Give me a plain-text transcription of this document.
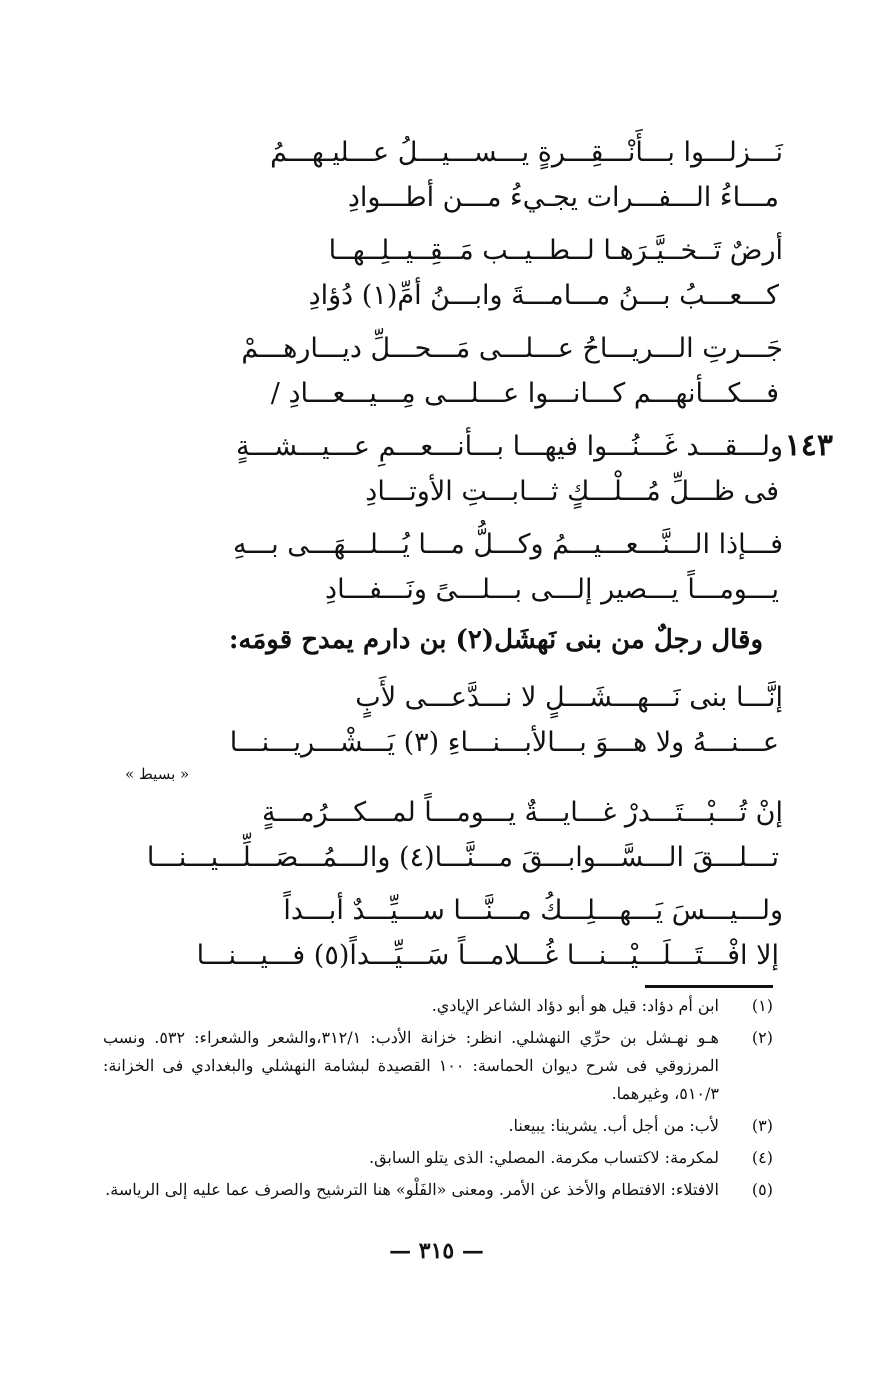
نَـــزلـــوا بـــأَنْـــقِـــرةٍ يـــســـيـــلُ عـــليـهـــمُ
مـــاءُ الـــفـــرات يجـيءُ مـــن أطـــوادِ
أرضٌ تَــخــيَّـرَهـا لــطــيــب مَــقِــيــلِــهــا
كـــعـــبُ بـــنُ مـــامـــةَ وابـــنُ أمِّ(١) دُؤادِ
جَـــرتِ الـــريـــاحُ عـــلـــى مَـــحـــلِّ ديـــارهـــمْ
فـــكـــأنهـــم كـــانـــوا عـــلـــى مِـــيـــعـــادِ /
١٤٣
ولـــقـــد غَـــنُـــوا فيهـــا بـــأنـــعـــمِ عـــيـــشـــةٍ
فى ظـــلِّ مُـــلْـــكٍ ثـــابـــتِ الأوتـــادِ
فـــإذا الـــنَّـــعـــيـــمُ وكـــلُّ مـــا يُـــلـــهَـــى بـــهِ
يـــومـــاً يـــصير إلـــى بـــلـــىً ونَـــفـــادِ
وقال رجلٌ من بنى نَهشَل(٢) بن دارم يمدح قومَه:
إنَّـــا بنى نَـــهـــشَـــلٍ لا نـــدَّعـــى لأَبٍ
عـــنـــهُ ولا هـــوَ بـــالأبـــنـــاءِ (٣) يَـــشْـــريـــنـــا
« بسيط »
إنْ تُـــبْـــتَـــدرْ غـــايـــةٌ يـــومـــاً لمـــكـــرُمـــةٍ
تـــلـــقَ الـــسَّـــوابـــقَ مـــنَّـــا(٤) والـــمُـــصَـــلِّـــيـــنـــا
ولـــيـــسَ يَـــهـــلِـــكُ مـــنَّـــا ســـيِّـــدٌ أبـــداً
إلا افْـــتَـــلَـــيْـــنـــا غُـــلامـــاً سَـــيِّـــداً(٥) فـــيـــنـــا
(١)
ابن أم دؤاد: قيل هو أبو دؤاد الشاعر الإيادي.
(٢)
هـو نهـشل بن حرِّي النهشلي. انظر: خزانة الأدب: ٣١٢/١،والشعر والشعراء: ٥٣٢. ونسب المرزوقي فى شرح ديوان الحماسة: ١٠٠ القصيدة لبشامة النهشلي والبغدادي فى الخزانة: ٥١٠/٣، وغيرهما.
(٣)
لأب: من أجل أب. يشرينا: يبيعنا.
(٤)
لمكرمة: لاكتساب مكرمة. المصلي: الذى يتلو السابق.
(٥)
الافتلاء: الافتطام والأخذ عن الأمر. ومعنى «الفَلْو» هنا الترشيح والصرف عما عليه إلى الرياسة.
— ٣١٥ —
